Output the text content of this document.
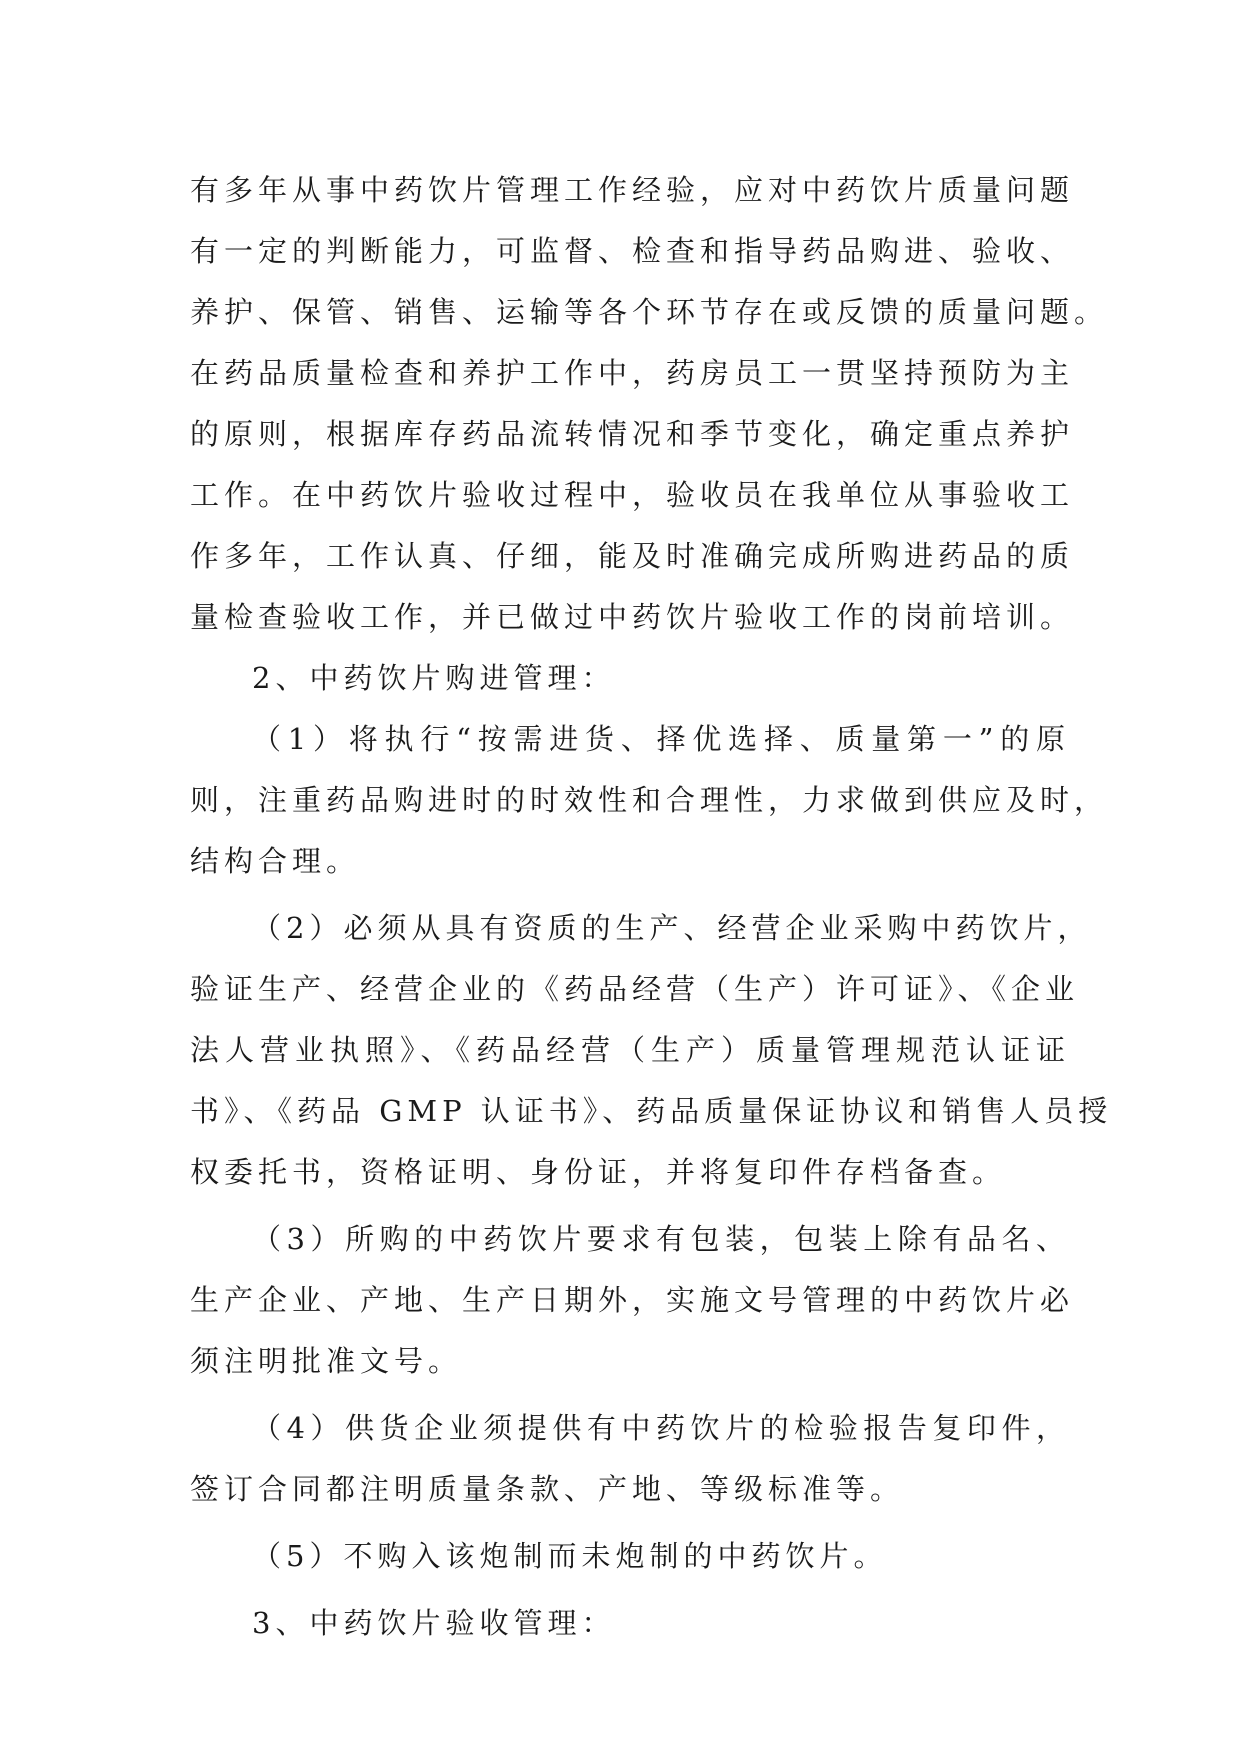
有多年从事中药饮片管理工作经验，应对中药饮片质量问题
有一定的判断能力，可监督、检查和指导药品购进、验收、
养护、保管、销售、运输等各个环节存在或反馈的质量问题。
在药品质量检查和养护工作中，药房员工一贯坚持预防为主
的原则，根据库存药品流转情况和季节变化，确定重点养护
工作。在中药饮片验收过程中，验收员在我单位从事验收工
作多年，工作认真、仔细，能及时准确完成所购进药品的质
量检查验收工作，并已做过中药饮片验收工作的岗前培训。
2、中药饮片购进管理：
（1）将执行“按需进货、择优选择、质量第一”的原
则，注重药品购进时的时效性和合理性，力求做到供应及时，
结构合理。
（2）必须从具有资质的生产、经营企业采购中药饮片，
验证生产、经营企业的《药品经营（生产）许可证》、《企业
法人营业执照》、《药品经营（生产）质量管理规范认证证
书》、《药品 GMP 认证书》、药品质量保证协议和销售人员授
权委托书，资格证明、身份证，并将复印件存档备查。
（3）所购的中药饮片要求有包装，包装上除有品名、
生产企业、产地、生产日期外，实施文号管理的中药饮片必
须注明批准文号。
（4）供货企业须提供有中药饮片的检验报告复印件，
签订合同都注明质量条款、产地、等级标准等。
（5）不购入该炮制而未炮制的中药饮片。
3、中药饮片验收管理：
